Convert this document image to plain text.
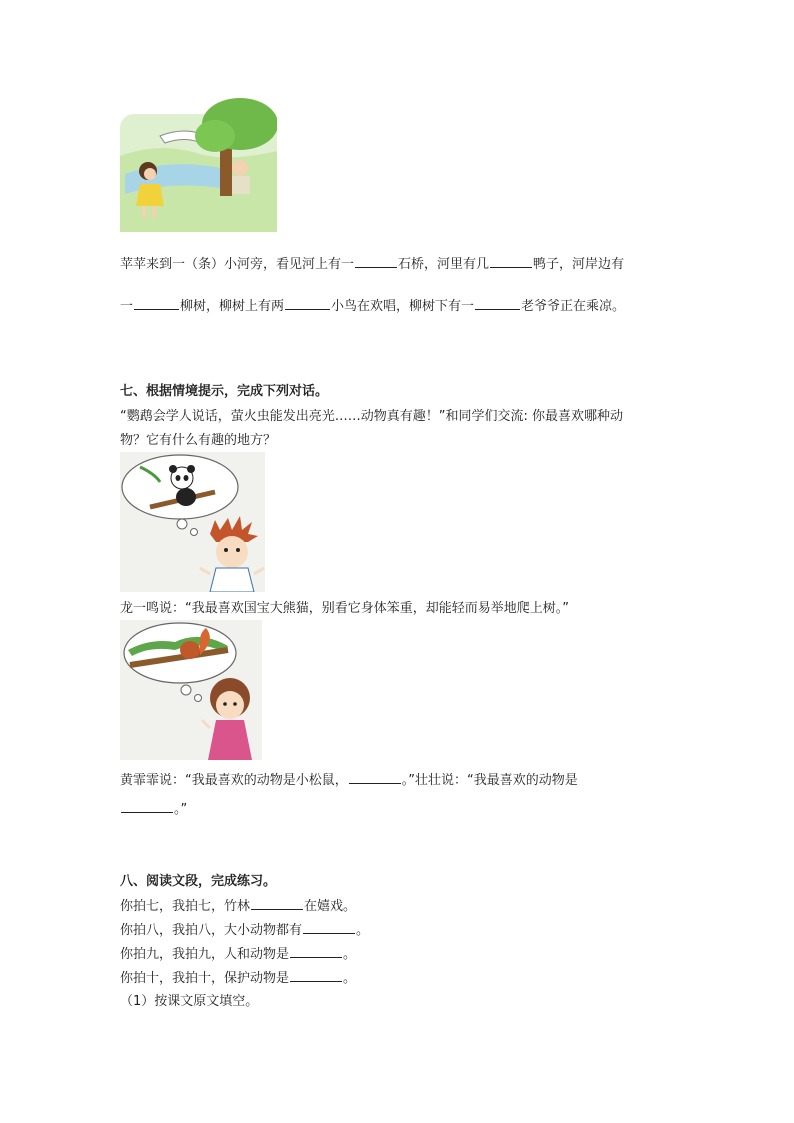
苹苹来到一（条）小河旁，看见河上有一	石桥，河里有几	鸭子，河岸边有
一	柳树，柳树上有两	小鸟在欢唱，柳树下有一	老爷爷正在乘凉。
七、根据情境提示，完成下列对话。
“鹦鹉会学人说话，萤火虫能发出亮光……动物真有趣！”和同学们交流: 你最喜欢哪种动
物？它有什么有趣的地方？
龙一鸣说：“我最喜欢国宝大熊猫，别看它身体笨重，却能轻而易举地爬上树。”
黄霏霏说：“我最喜欢的动物是小松鼠，	。”壮壮说：“我最喜欢的动物是
。”
八、阅读文段，完成练习。
你拍七，我拍七，竹林	在嬉戏。
你拍八，我拍八，大小动物都有	。
你拍九，我拍九，人和动物是	。
你拍十，我拍十，保护动物是	。
（1）按课文原文填空。
